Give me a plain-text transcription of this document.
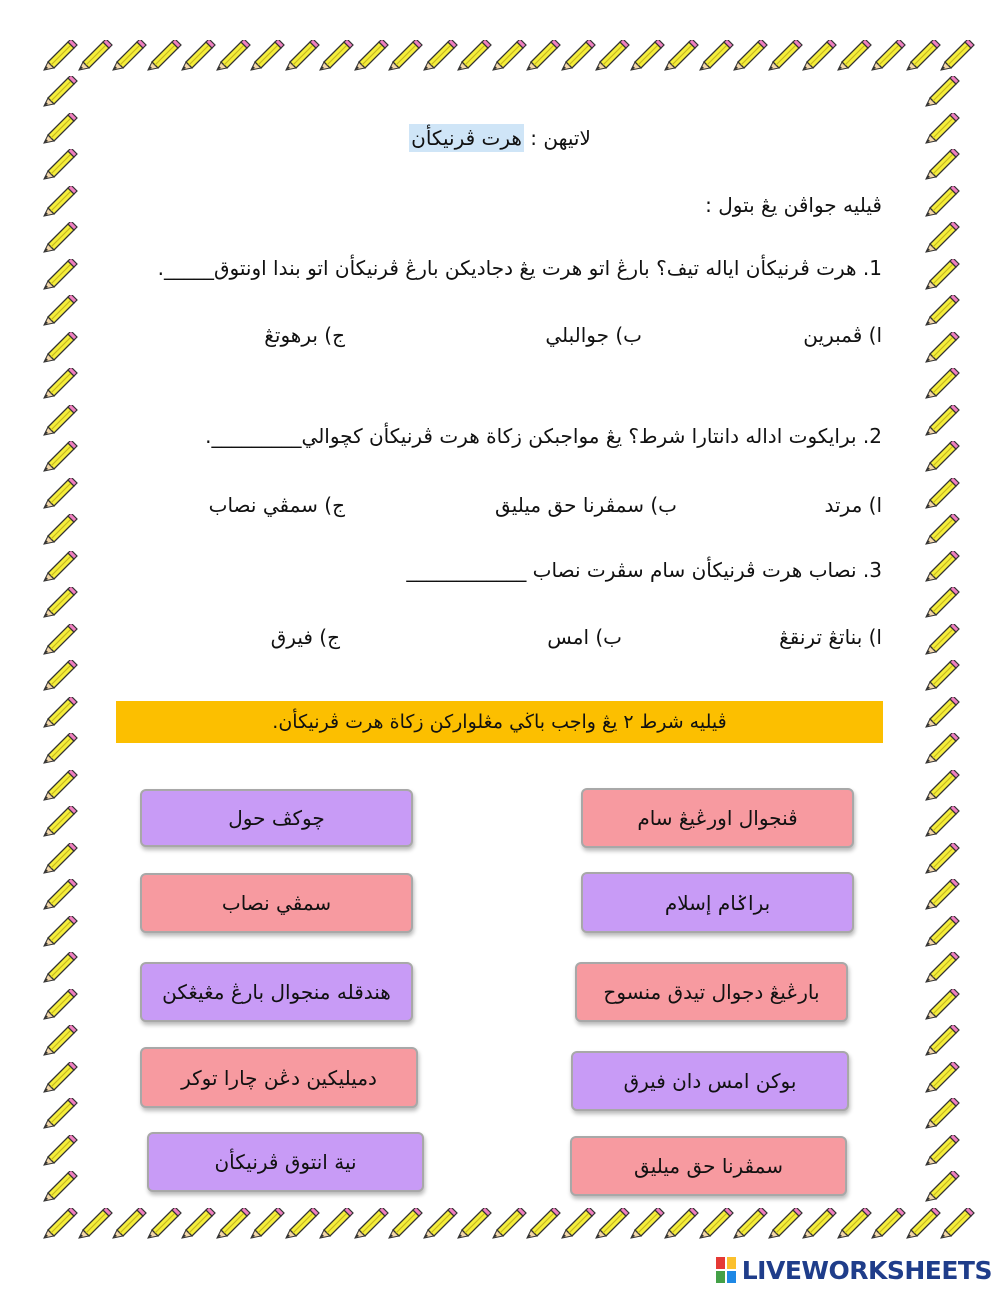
لاتيهن : هرت ڤرنيکأن
ڤيليه جواڤن يڠ بتول :
1. هرت ڤرنيکأن اياله تيف؟ بارڠ اتو هرت يڠ دجاديکن بارڠ ڤرنيکأن اتو بندا اونتوق_____.
ا) ڤمبرين
ب) جوالبلي
ج) برهوتڠ
2. برايکوت اداله دانتارا شرط؟ يڠ مواجبکن زکاة هرت ڤرنيکأن کچوالي_________.
ا) مرتد
ب) سمڤرنا حق ميليق
ج) سمڤي نصاب
3. نصاب هرت ڤرنيکأن سام سڤرت نصاب ____________
ا) بناتڠ ترنقڠ
ب) امس
ج) فيرق
ڤيليه شرط ٢ يڠ واجب باڬي مڠلوارکن زکاة هرت ڤرنيکأن.
چوکڤ حول
سمڤي نصاب
هندقله منجوال بارڠ مڠيڠکن
دميليکين دڠن چارا توکر
نية انتوق ڤرنيکأن
ڤنجوال اورڠيڠ سام
براݢام إسلام
بارڠيڠ دجوال تيدق منسوح
بوکن امس دان فيرق
سمڤرنا حق ميليق
LIVEWORKSHEETS
